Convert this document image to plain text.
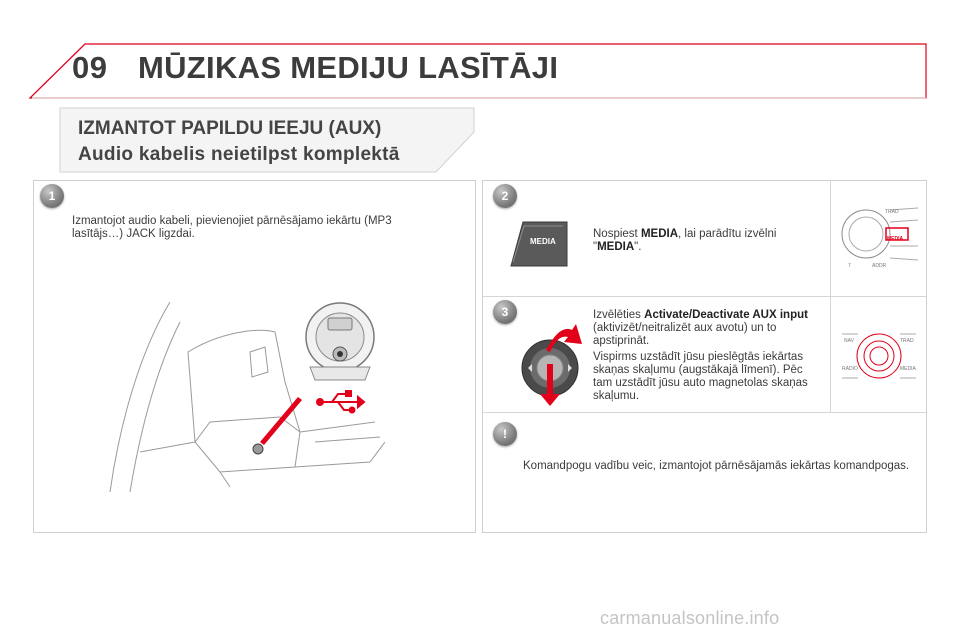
09 MŪZIKAS MEDIJU LASĪTĀJI
IZMANTOT PAPILDU IEEJU (AUX)
Audio kabelis neietilpst komplektā
1
Izmantojot audio kabeli, pievienojiet pārnēsājamo iekārtu (MP3 lasītājs…) JACK ligzdai.
2
MEDIA
Nospiest MEDIA, lai parādītu izvēlni "MEDIA".
TRAD
MEDIA
7	ADDR
3	Izvēlēties Activate/Deactivate AUX input (aktivizēt/neitralizēt aux avotu) un to apstiprināt.
Vispirms uzstādīt jūsu pieslēgtās iekārtas skaņas skaļumu (augstākajā līmenī). Pēc tam uzstādīt jūsu auto magnetolas skaņas skaļumu.
NAV	TRAD
RADIO	MEDIA
!
Komandpogu vadību veic, izmantojot pārnēsājamās iekārtas komandpogas.
carmanualsonline.info
